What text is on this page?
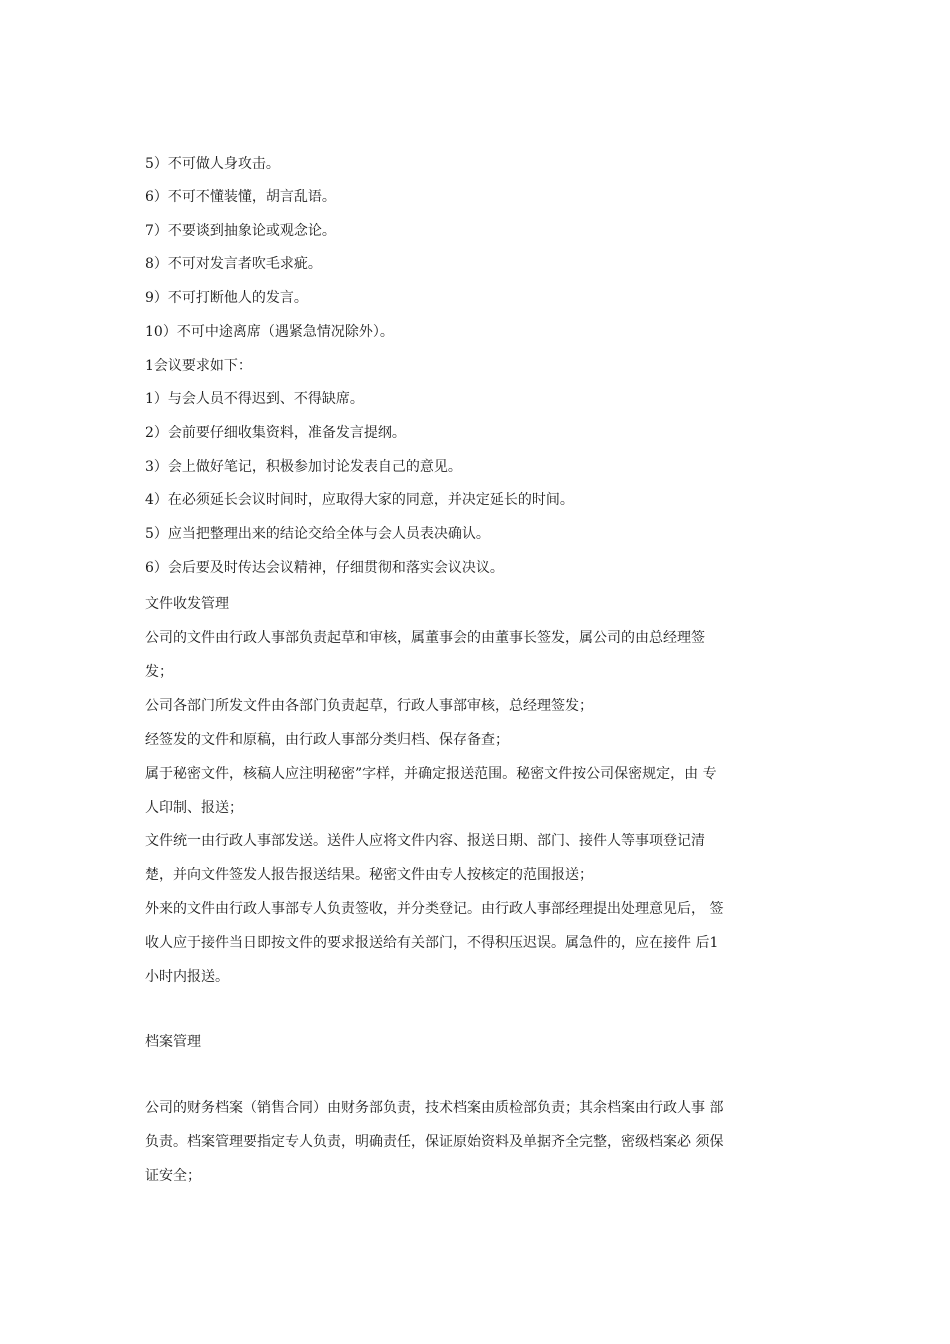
5）不可做人身攻击。
6）不可不懂装懂，胡言乱语。
7）不要谈到抽象论或观念论。
8）不可对发言者吹毛求疵。
9）不可打断他人的发言。
10）不可中途离席（遇紧急情况除外）。
1会议要求如下：
1）与会人员不得迟到、不得缺席。
2）会前要仔细收集资料，准备发言提纲。
3）会上做好笔记，积极参加讨论发表自己的意见。
4）在必须延长会议时间时，应取得大家的同意，并决定延长的时间。
5）应当把整理出来的结论交给全体与会人员表决确认。
6）会后要及时传达会议精神，仔细贯彻和落实会议决议。
文件收发管理
公司的文件由行政人事部负责起草和审核，属董事会的由董事长签发，属公司的由总经理签
发；
公司各部门所发文件由各部门负责起草，行政人事部审核，总经理签发；
经签发的文件和原稿，由行政人事部分类归档、保存备查；
属于秘密文件，核稿人应注明秘密”字样，并确定报送范围。秘密文件按公司保密规定，由 专
人印制、报送；
文件统一由行政人事部发送。送件人应将文件内容、报送日期、部门、接件人等事项登记清
楚，并向文件签发人报告报送结果。秘密文件由专人按核定的范围报送；
外来的文件由行政人事部专人负责签收，并分类登记。由行政人事部经理提出处理意见后， 签
收人应于接件当日即按文件的要求报送给有关部门，不得积压迟误。属急件的，应在接件 后1
小时内报送。
档案管理
公司的财务档案（销售合同）由财务部负责，技术档案由质检部负责；其余档案由行政人事 部
负责。档案管理要指定专人负责，明确责任，保证原始资料及单据齐全完整，密级档案必 须保
证安全；
